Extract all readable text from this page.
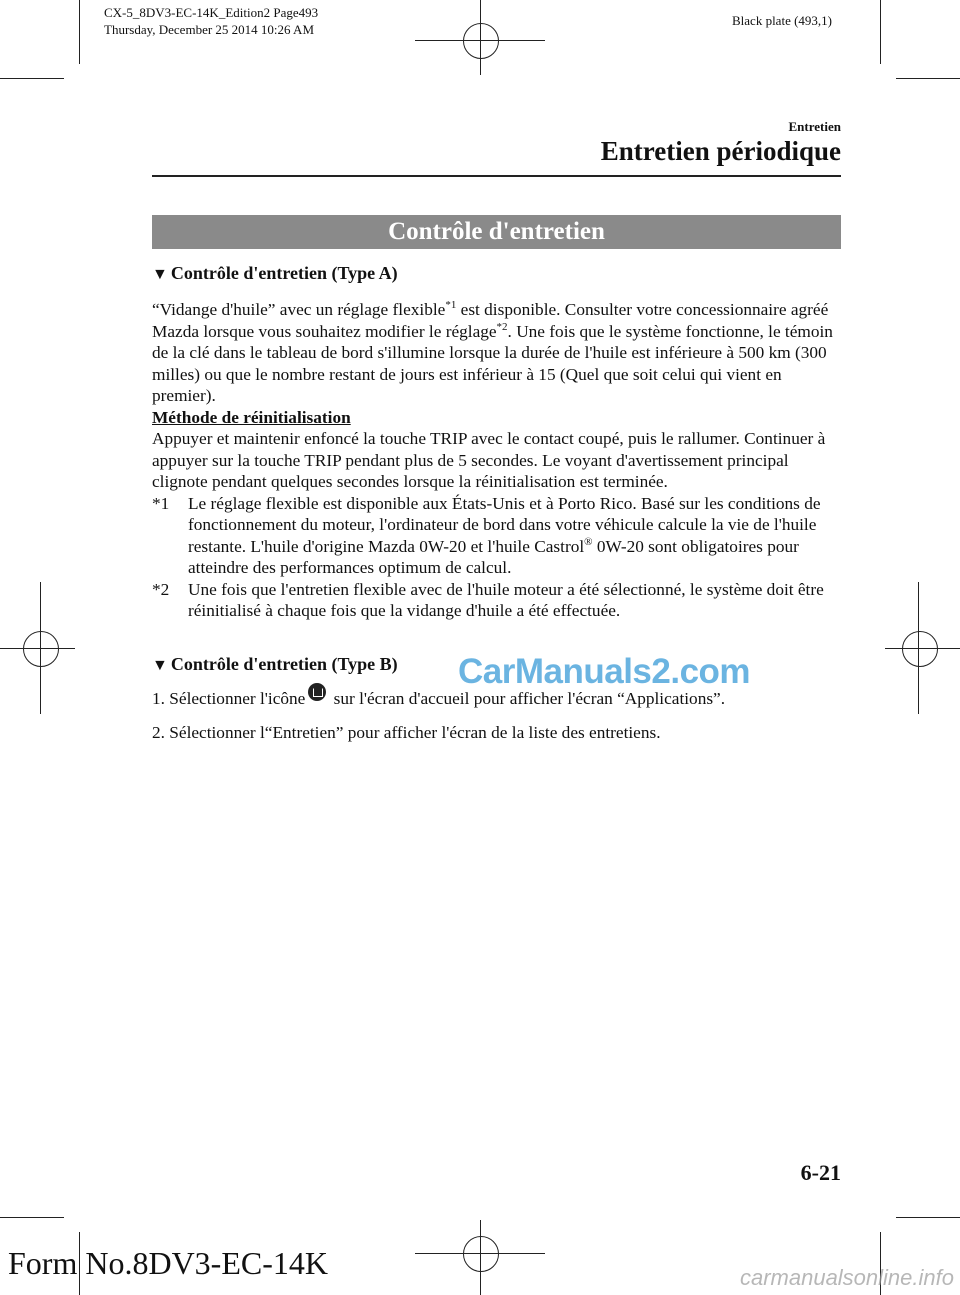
CX-5_8DV3-EC-14K_Edition2 Page493
Thursday, December 25 2014 10:26 AM
Black plate (493,1)
Entretien
Entretien périodique
Contrôle d'entretien
▼ Contrôle d'entretien (Type A)

“Vidange d'huile” avec un réglage flexible$^{*1}$ est disponible. Consulter votre concessionnaire agréé Mazda lorsque vous souhaitez modifier le réglage$^{*2}$. Une fois que le système fonctionne, le témoin de la clé dans le tableau de bord s'illumine lorsque la durée de l'huile est inférieure à 500 km (300 milles) ou que le nombre restant de jours est inférieur à 15 (Quel que soit celui qui vient en premier).

Méthode de réinitialisation

Appuyer et maintenir enfoncé la touche TRIP avec le contact coupé, puis le rallumer. Continuer à appuyer sur la touche TRIP pendant plus de 5 secondes. Le voyant d'avertissement principal clignote pendant quelques secondes lorsque la réinitialisation est terminée.

*1	Le réglage flexible est disponible aux États-Unis et à Porto Rico. Basé sur les conditions de fonctionnement du moteur, l'ordinateur de bord dans votre véhicule calcule la vie de l'huile restante. L'huile d'origine Mazda 0W-20 et l'huile Castrol® 0W-20 sont obligatoires pour atteindre des performances optimum de calcul.
*2	Une fois que l'entretien flexible avec de l'huile moteur a été sélectionné, le système doit être réinitialisé à chaque fois que la vidange d'huile a été effectuée.
▼ Contrôle d'entretien (Type B) CarManuals2.com
1. Sélectionner l'icône sur l'écran d'accueil pour afficher l'écran “Applications”.
2. Sélectionner l“Entretien” pour afficher l'écran de la liste des entretiens.
6-21
Form No.8DV3-EC-14K	carmanualsonline.info
